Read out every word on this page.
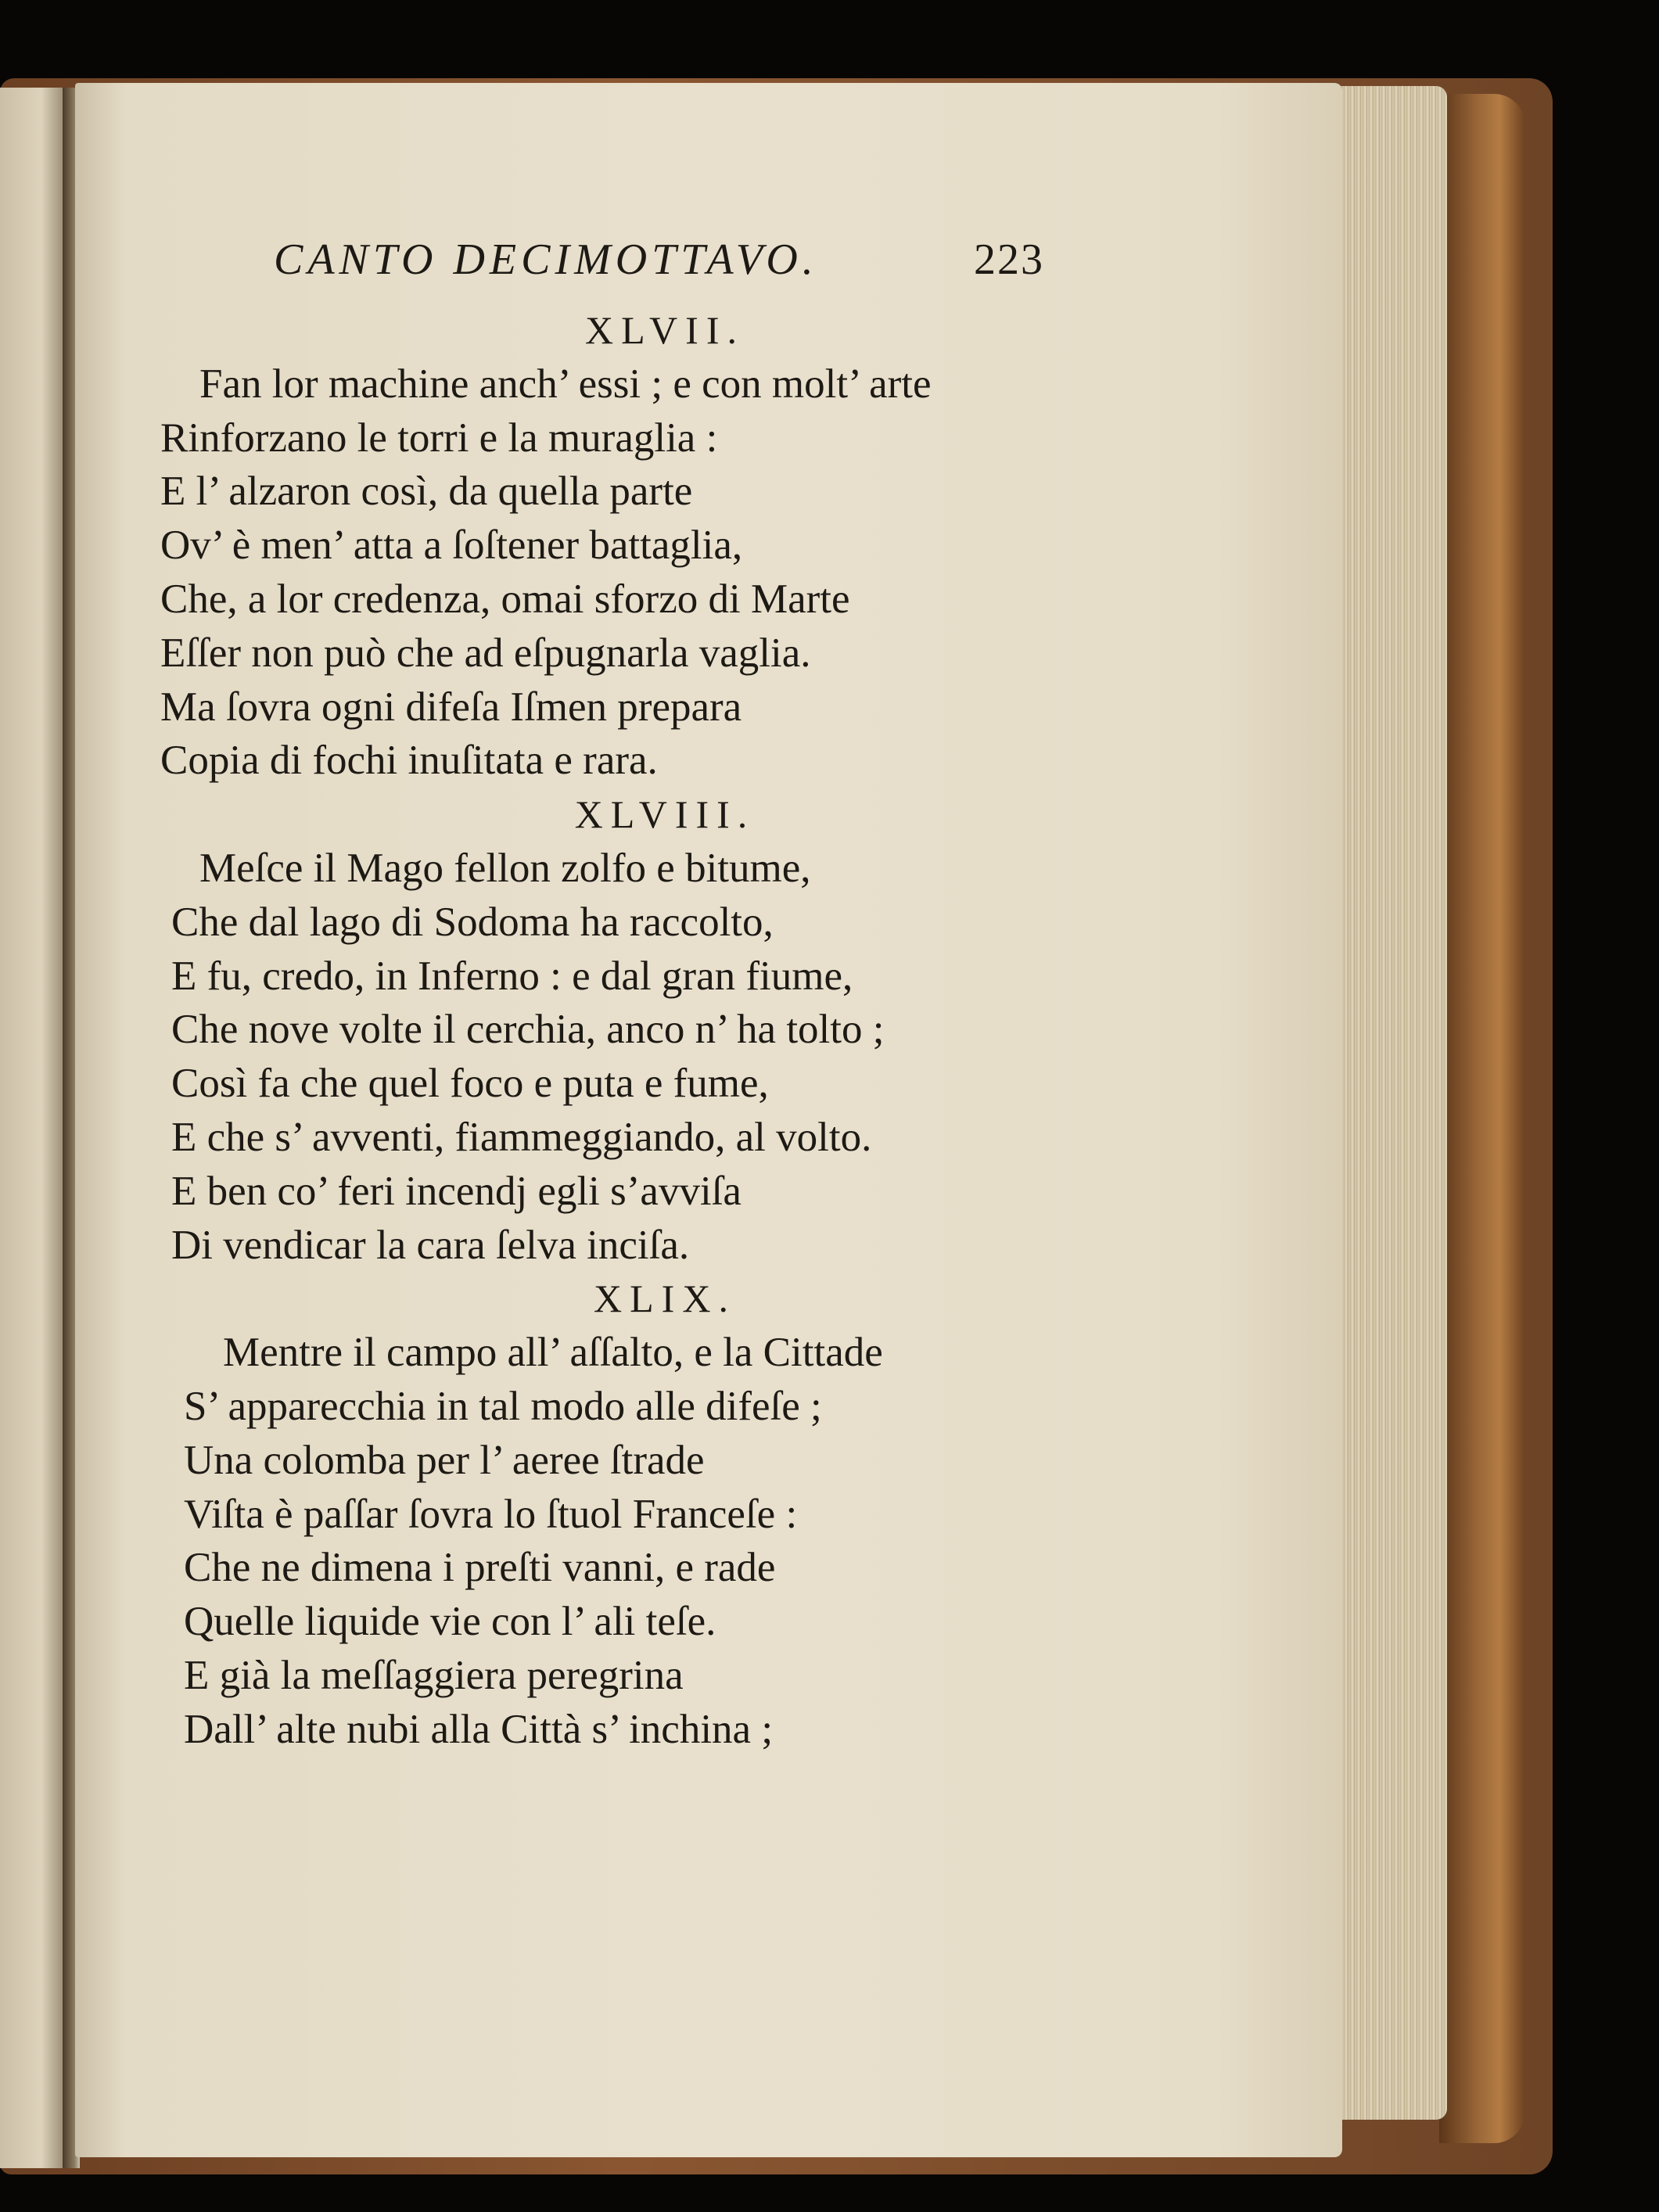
CANTO DECIMOTTAVO.	223

XLVII.

Fan lor machine anch’ essi ; e con molt’ arte

Rinforzano le torri e la muraglia :

E l’ alzaron così, da quella parte

Ov’ è men’ atta a ſoſtener battaglia,

Che, a lor credenza, omai sforzo di Marte

Eſſer non può che ad eſpugnarla vaglia.

Ma ſovra ogni difeſa Iſmen prepara

Copia di fochi inuſitata e rara.

XLVIII.

Meſce il Mago fellon zolfo e bitume,

Che dal lago di Sodoma ha raccolto,

E fu, credo, in Inferno : e dal gran fiume,

Che nove volte il cerchia, anco n’ ha tolto ;

Così fa che quel foco e puta e fume,

E che s’ avventi, fiammeggiando, al volto.

E ben co’ feri incendj egli s’avviſa

Di vendicar la cara ſelva inciſa.

XLIX.

Mentre il campo all’ aſſalto, e la Cittade

S’ apparecchia in tal modo alle difeſe ;

Una colomba per l’ aeree ſtrade

Viſta è paſſar ſovra lo ſtuol Franceſe :

Che ne dimena i preſti vanni, e rade

Quelle liquide vie con l’ ali teſe.

E già la meſſaggiera peregrina

Dall’ alte nubi alla Città s’ inchina ;
